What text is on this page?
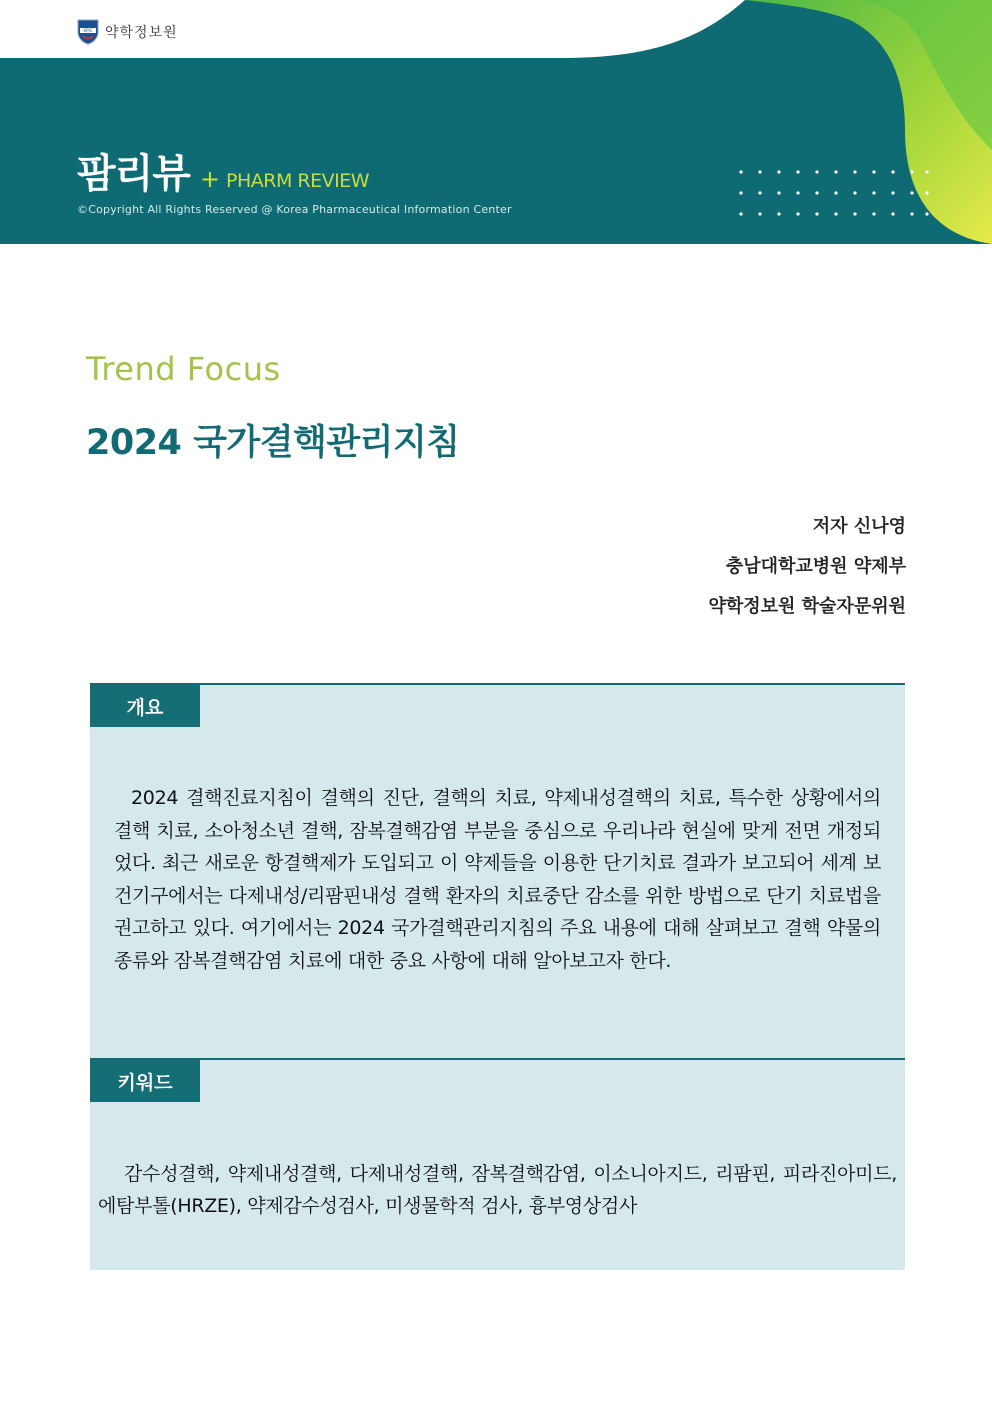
KPIC 약학정보원
팜리뷰 + PHARM REVIEW
©Copyright All Rights Reserved @ Korea Pharmaceutical Information Center
Trend Focus
2024 국가결핵관리지침
저자 신나영
충남대학교병원 약제부
약학정보원 학술자문위원
개요
2024 결핵진료지침이 결핵의 진단, 결핵의 치료, 약제내성결핵의 치료, 특수한 상황에서의 결핵 치료, 소아청소년 결핵, 잠복결핵감염 부분을 중심으로 우리나라 현실에 맞게 전면 개정되었다. 최근 새로운 항결핵제가 도입되고 이 약제들을 이용한 단기치료 결과가 보고되어 세계 보건기구에서는 다제내성/리팜핀내성 결핵 환자의 치료중단 감소를 위한 방법으로 단기 치료법을 권고하고 있다. 여기에서는 2024 국가결핵관리지침의 주요 내용에 대해 살펴보고 결핵 약물의 종류와 잠복결핵감염 치료에 대한 중요 사항에 대해 알아보고자 한다.
키워드
감수성결핵, 약제내성결핵, 다제내성결핵, 잠복결핵감염, 이소니아지드, 리팜핀, 피라진아미드, 에탐부톨(HRZE), 약제감수성검사, 미생물학적 검사, 흉부영상검사
